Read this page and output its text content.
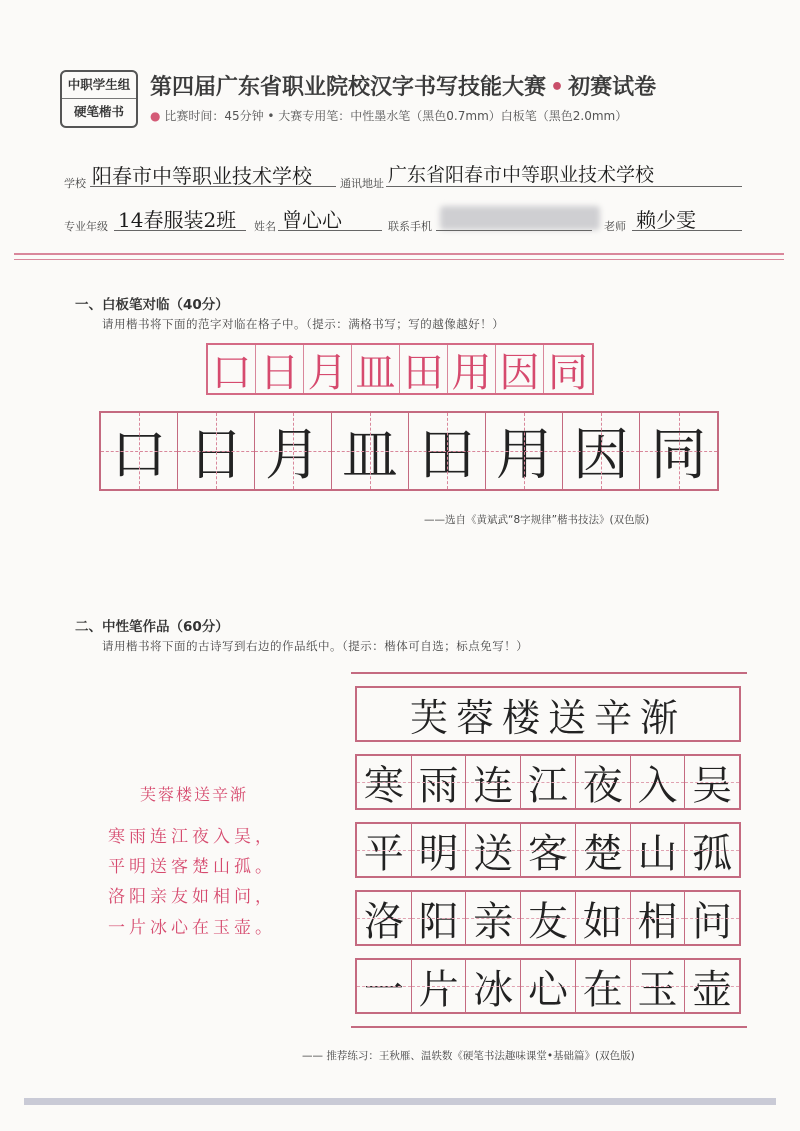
中职学生组
硬笔楷书
第四届广东省职业院校汉字书写技能大赛 • 初赛试卷
● 比赛时间：45分钟 • 大赛专用笔：中性墨水笔（黑色0.7mm）白板笔（黑色2.0mm）
学校 阳春市中等职业技术学校	通讯地址 广东省阳春市中等职业技术学校
专业年级 14春服装2班 姓名 曾心心	联系手机	老师 赖少雯
一、白板笔对临（40分）
请用楷书将下面的范字对临在格子中。（提示：满格书写；写的越像越好！）
口 日 月 皿 田 用 因 同
口 日 月 皿 田 用 因 同
——选自《黄斌武“8字规律”楷书技法》(双色版)
二、中性笔作品（60分）
请用楷书将下面的古诗写到右边的作品纸中。（提示：楷体可自选；标点免写！）
芙蓉楼送辛渐
寒雨连江夜入吴，
平明送客楚山孤。
洛阳亲友如相问，
一片冰心在玉壶。
芙蓉楼送辛渐
寒 雨 连 江 夜 入 吴
平 明 送 客 楚 山 孤
洛 阳 亲 友 如 相 问
一 片 冰 心 在 玉 壶
—— 推荐练习：王秋雁、温轶数《硬笔书法趣味课堂•基础篇》(双色版)
